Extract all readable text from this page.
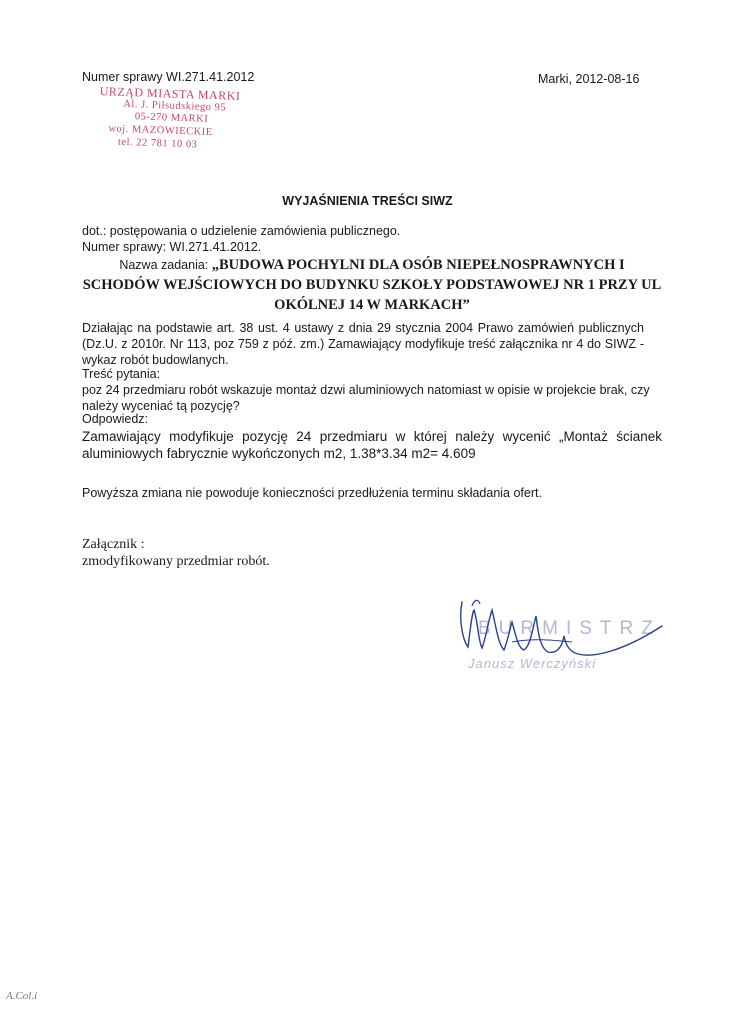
Numer sprawy WI.271.41.2012	Marki, 2012-08-16
URZĄD MIASTA MARKI
Al. J. Piłsudskiego 95
05-270 MARKI
woj. MAZOWIECKIE
tel. 22 781 10 03
WYJAŚNIENIA TREŚCI SIWZ
dot.: postępowania o udzielenie zamówienia publicznego.
Numer sprawy: WI.271.41.2012.
Nazwa zadania: „BUDOWA POCHYLNI DLA OSÓB NIEPEŁNOSPRAWNYCH I SCHODÓW WEJŚCIOWYCH DO BUDYNKU SZKOŁY PODSTAWOWEJ NR 1 PRZY UL OKÓLNEJ 14 W MARKACH”
Działając na podstawie art. 38 ust. 4 ustawy z dnia 29 stycznia 2004 Prawo zamówień publicznych (Dz.U. z 2010r. Nr 113, poz 759 z póź. zm.) Zamawiający modyfikuje treść załącznika nr 4 do SIWZ - wykaz robót budowlanych.
Treść pytania:
poz 24 przedmiaru robót wskazuje montaż dzwi aluminiowych natomiast w opisie w projekcie brak, czy należy wyceniać tą pozycję?
Odpowiedz:
Zamawiający modyfikuje pozycję 24 przedmiaru w której należy wycenić „Montaż ścianek aluminiowych fabrycznie wykończonych m2, 1.38*3.34 m2= 4.609
Powyższa zmiana nie powoduje konieczności przedłużenia terminu składania ofert.
Załącznik :
zmodyfikowany przedmiar robót.
BURMISTRZ
Janusz Werczyński
A.Col.i
